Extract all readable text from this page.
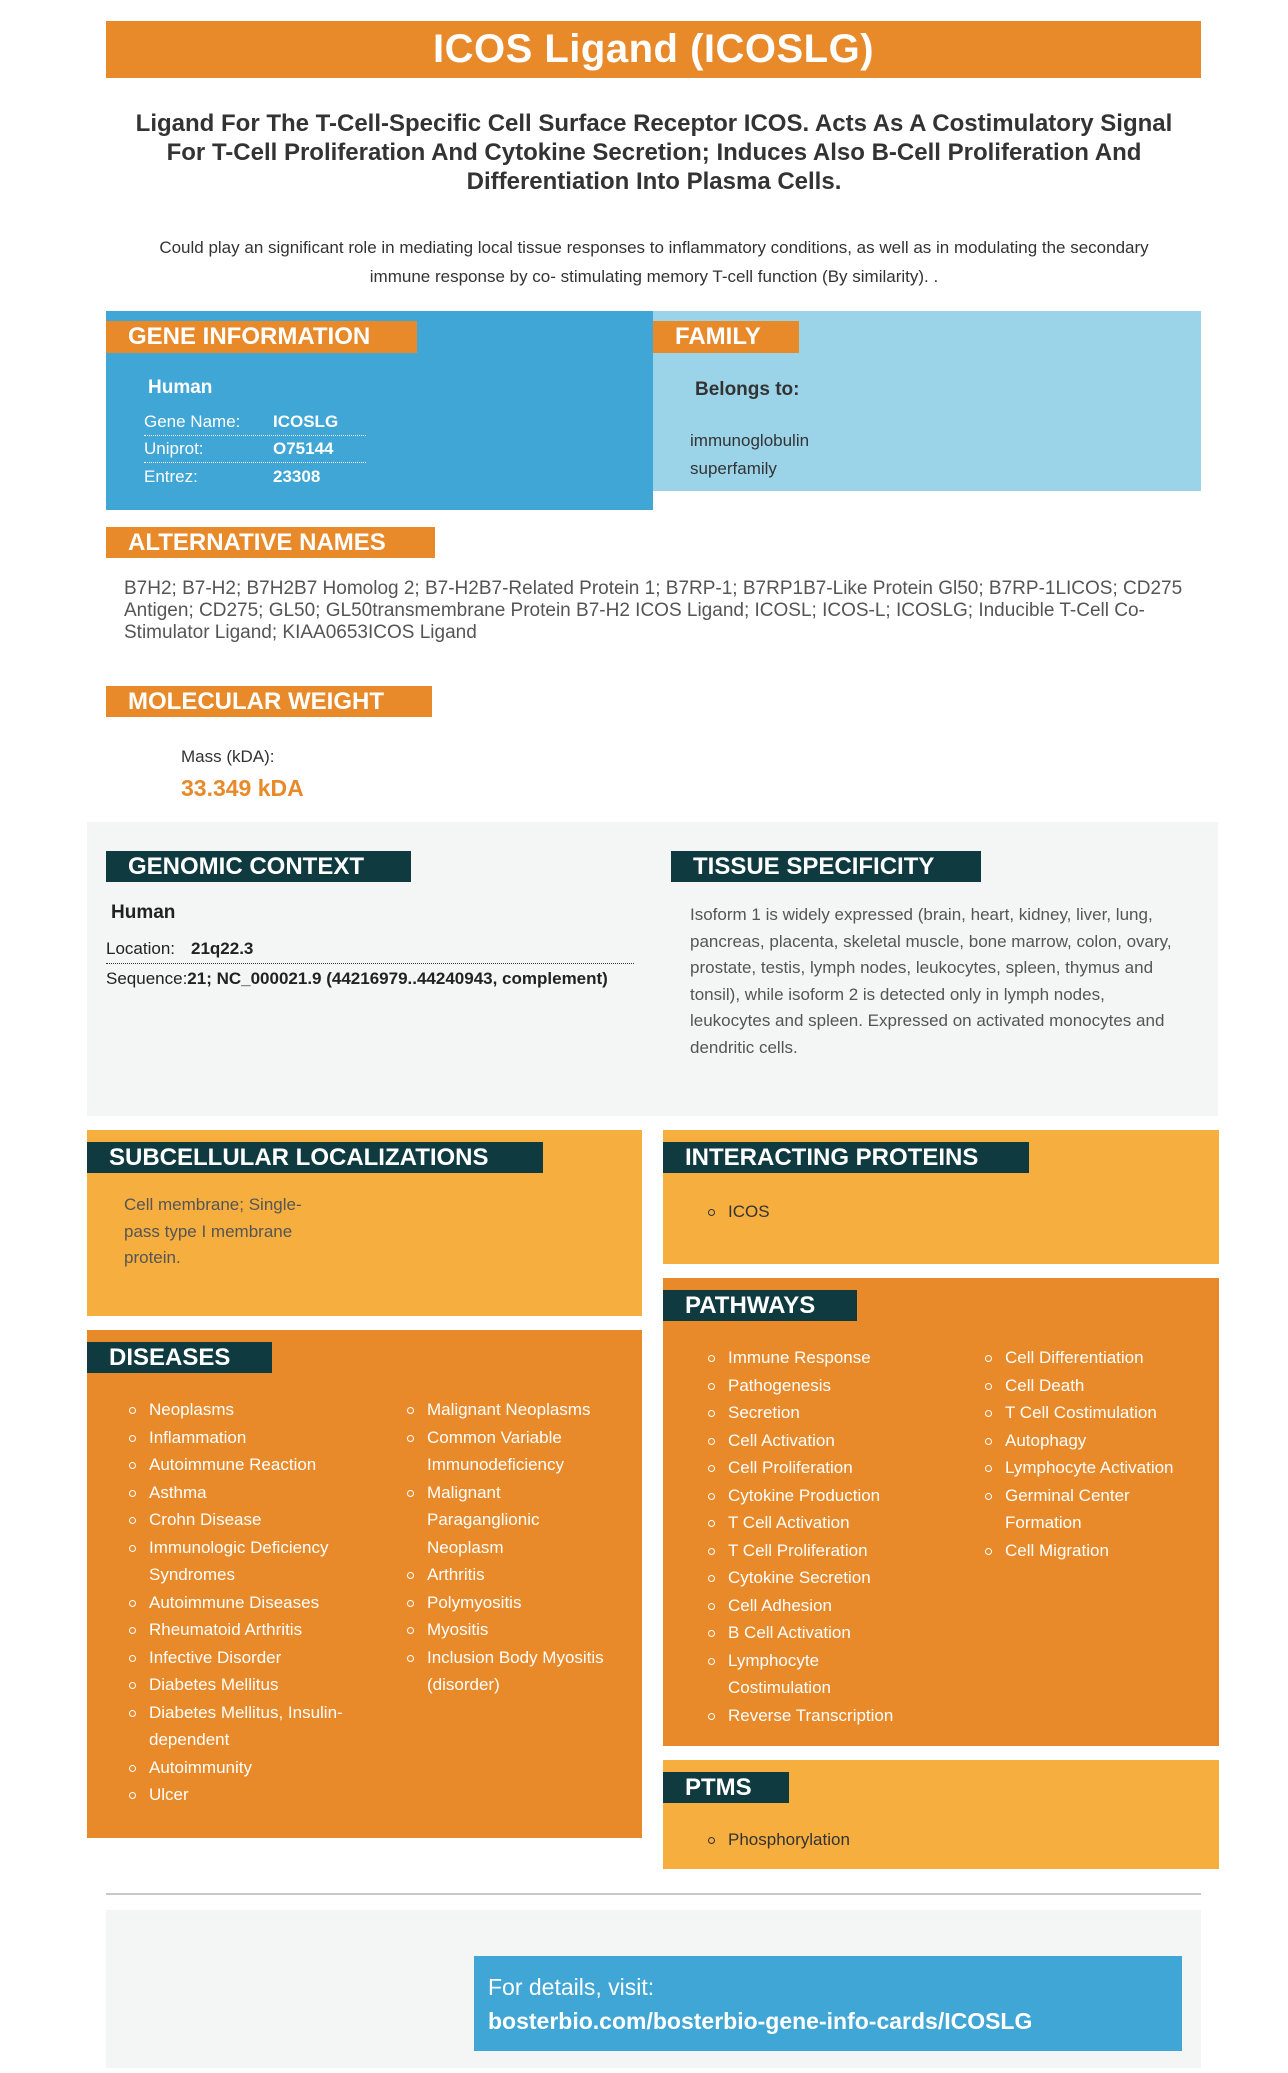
ICOS Ligand (ICOSLG)
Ligand For The T-Cell-Specific Cell Surface Receptor ICOS. Acts As A Costimulatory Signal For T-Cell Proliferation And Cytokine Secretion; Induces Also B-Cell Proliferation And Differentiation Into Plasma Cells.
Could play an significant role in mediating local tissue responses to inflammatory conditions, as well as in modulating the secondary immune response by co- stimulating memory T-cell function (By similarity). .
GENE INFORMATION
Human
Gene Name:	ICOSLG
Uniprot:	O75144
Entrez:	23308
FAMILY
Belongs to:
immunoglobulin superfamily
ALTERNATIVE NAMES
B7H2; B7-H2; B7H2B7 Homolog 2; B7-H2B7-Related Protein 1; B7RP-1; B7RP1B7-Like Protein Gl50; B7RP-1LICOS; CD275 Antigen; CD275; GL50; GL50transmembrane Protein B7-H2 ICOS Ligand; ICOSL; ICOS-L; ICOSLG; Inducible T-Cell Co-Stimulator Ligand; KIAA0653ICOS Ligand
MOLECULAR WEIGHT
Mass (kDA):
33.349 kDA
GENOMIC CONTEXT
Human
Location: 21q22.3
Sequence: 21; NC_000021.9 (44216979..44240943, complement)
TISSUE SPECIFICITY
Isoform 1 is widely expressed (brain, heart, kidney, liver, lung, pancreas, placenta, skeletal muscle, bone marrow, colon, ovary, prostate, testis, lymph nodes, leukocytes, spleen, thymus and tonsil), while isoform 2 is detected only in lymph nodes, leukocytes and spleen. Expressed on activated monocytes and dendritic cells.
SUBCELLULAR LOCALIZATIONS
Cell membrane; Single-pass type I membrane protein.
INTERACTING PROTEINS
ICOS
DISEASES
Neoplasms
Inflammation
Autoimmune Reaction
Asthma
Crohn Disease
Immunologic Deficiency Syndromes
Autoimmune Diseases
Rheumatoid Arthritis
Infective Disorder
Diabetes Mellitus
Diabetes Mellitus, Insulin-dependent
Autoimmunity
Ulcer
Malignant Neoplasms
Common Variable Immunodeficiency
Malignant Paraganglionic Neoplasm
Arthritis
Polymyositis
Myositis
Inclusion Body Myositis (disorder)
PATHWAYS
Immune Response
Pathogenesis
Secretion
Cell Activation
Cell Proliferation
Cytokine Production
T Cell Activation
T Cell Proliferation
Cytokine Secretion
Cell Adhesion
B Cell Activation
Lymphocyte Costimulation
Reverse Transcription
Cell Differentiation
Cell Death
T Cell Costimulation
Autophagy
Lymphocyte Activation
Germinal Center Formation
Cell Migration
PTMS
Phosphorylation
For details, visit:
bosterbio.com/bosterbio-gene-info-cards/ICOSLG
